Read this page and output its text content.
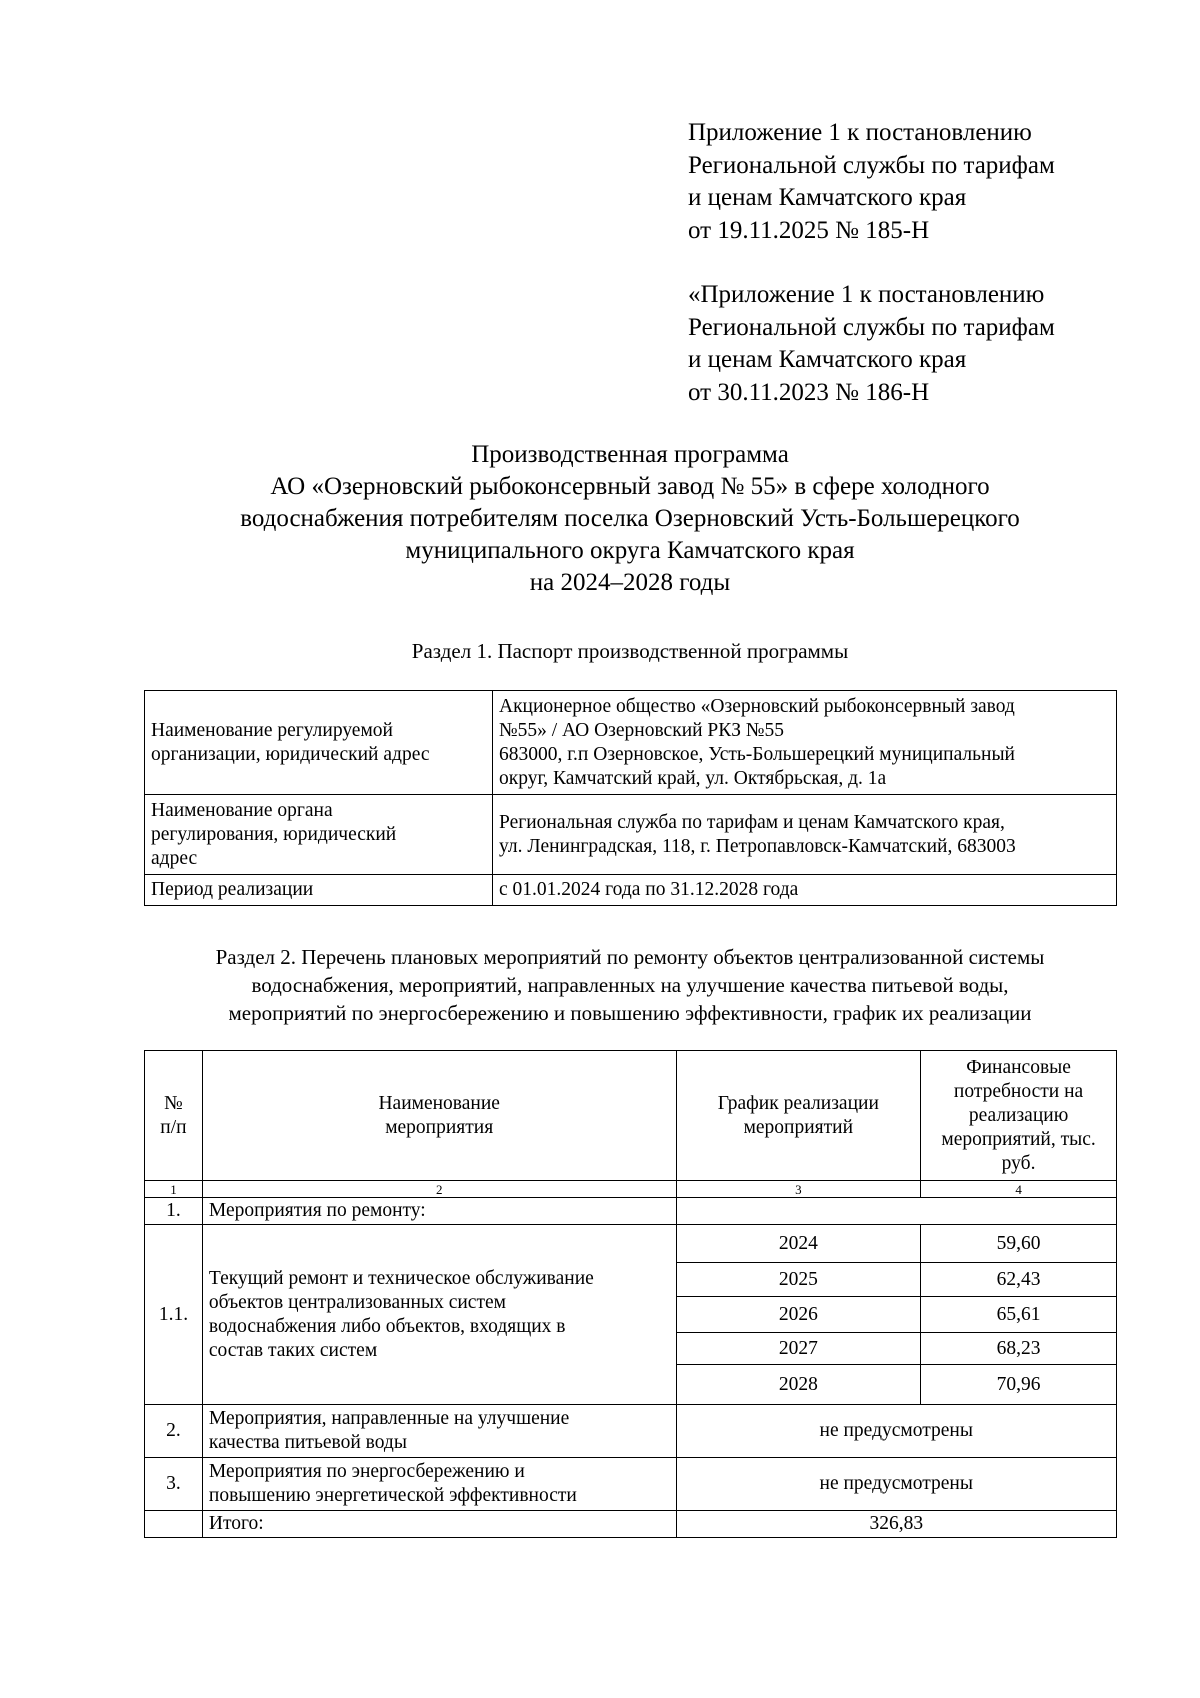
Приложение 1 к постановлению
Региональной службы по тарифам
и ценам Камчатского края
от 19.11.2025 № 185-Н
«Приложение 1 к постановлению
Региональной службы по тарифам
и ценам Камчатского края
от 30.11.2023 № 186-Н
Производственная программа
АО «Озерновский рыбоконсервный завод № 55» в сфере холодного
водоснабжения потребителям поселка Озерновский Усть-Большерецкого
муниципального округа Камчатского края
на 2024–2028 годы
Раздел 1. Паспорт производственной программы
Наименование регулируемой
организации, юридический адрес	Акционерное общество «Озерновский рыбоконсервный завод
№55» / АО Озерновский РКЗ №55
683000, г.п Озерновское, Усть-Большерецкий муниципальный
округ, Камчатский край, ул. Октябрьская, д. 1а

Наименование органа
регулирования, юридический
адрес	Региональная служба по тарифам и ценам Камчатского края,
ул. Ленинградская, 118, г. Петропавловск-Камчатский, 683003

Период реализации	с 01.01.2024 года по 31.12.2028 года
Раздел 2. Перечень плановых мероприятий по ремонту объектов централизованной системы
водоснабжения, мероприятий, направленных на улучшение качества питьевой воды,
мероприятий по энергосбережению и повышению эффективности, график их реализации
№
п/п	Наименование
мероприятия	График реализации
мероприятий	Финансовые
потребности на
реализацию
мероприятий, тыс.
руб.

1	2	3	4
1.	Мероприятия по ремонту:		
1.1.	Текущий ремонт и техническое обслуживание
объектов централизованных систем
водоснабжения либо объектов, входящих в
состав таких систем	2024	59,60
		2025	62,43
		2026	65,61
		2027	68,23
		2028	70,96
2.	Мероприятия, направленные на улучшение
качества питьевой воды	не предусмотрены	
3.	Мероприятия по энергосбережению и
повышению энергетической эффективности	не предусмотрены	
	Итого:	326,83	
